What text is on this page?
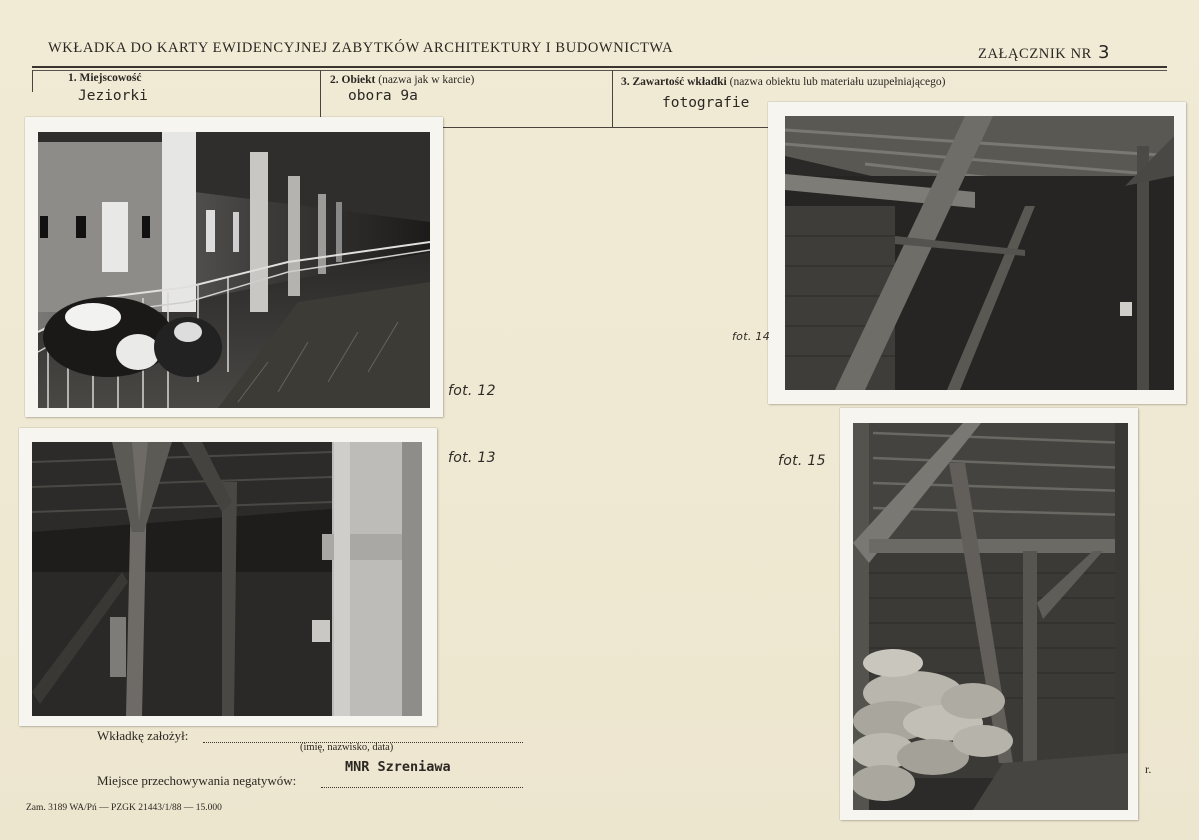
WKŁADKA DO KARTY EWIDENCYJNEJ ZABYTKÓW ARCHITEKTURY I BUDOWNICTWA	ZAŁĄCZNIK NR 3
1. Miejscowość
Jeziorki
2. Obiekt (nazwa jak w karcie)
obora 9a
3. Zawartość wkładki (nazwa obiektu lub materiału uzupełniającego)
fotografie
fot. 12
fot. 13
fot. 14
fot. 15
Wkładkę założył:
(imię, nazwisko, data)
Miejsce przechowywania negatywów:
MNR Szreniawa
Zam. 3189 WA/Pń — PZGK 21443/1/88 — 15.000
r.
